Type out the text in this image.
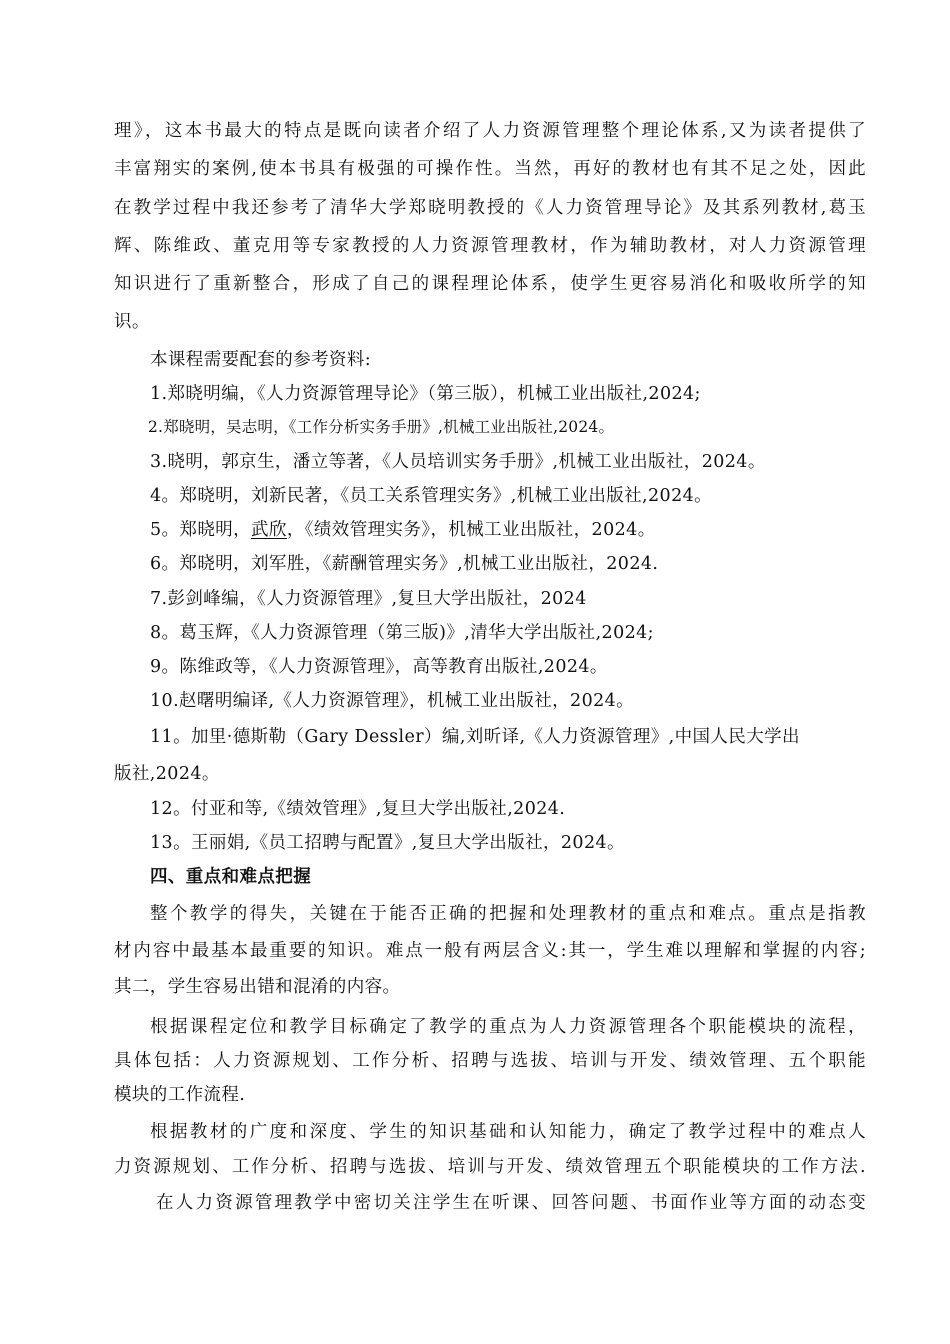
理》，这本书最大的特点是既向读者介绍了人力资源管理整个理论体系,又为读者提供了
丰富翔实的案例,使本书具有极强的可操作性。当然，再好的教材也有其不足之处，因此
在教学过程中我还参考了清华大学郑晓明教授的《人力资管理导论》及其系列教材,葛玉
辉、陈维政、董克用等专家教授的人力资源管理教材，作为辅助教材，对人力资源管理
知识进行了重新整合，形成了自己的课程理论体系，使学生更容易消化和吸收所学的知
识。
本课程需要配套的参考资料:
1.郑晓明编，《人力资源管理导论》（第三版），机械工业出版社,2024;
2.郑晓明，吴志明，《工作分析实务手册》,机械工业出版社,2024。
3.晓明，郭京生，潘立等著，《人员培训实务手册》,机械工业出版社，2024。
4。郑晓明，刘新民著，《员工关系管理实务》,机械工业出版社,2024。
5。郑晓明，武欣，《绩效管理实务》，机械工业出版社，2024。
6。郑晓明，刘军胜，《薪酬管理实务》,机械工业出版社，2024.
7.彭剑峰编，《人力资源管理》,复旦大学出版社，2024
8。葛玉辉，《人力资源管理（第三版)》,清华大学出版社,2024;
9。陈维政等，《人力资源管理》，高等教育出版社,2024。
10.赵曙明编译,《人力资源管理》，机械工业出版社，2024。
11。加里·德斯勒（Gary Dessler）编,刘昕译,《人力资源管理》,中国人民大学出
版社,2024。
12。付亚和等,《绩效管理》,复旦大学出版社,2024.
13。王丽娟,《员工招聘与配置》,复旦大学出版社，2024。
四、重点和难点把握
整个教学的得失，关键在于能否正确的把握和处理教材的重点和难点。重点是指教
材内容中最基本最重要的知识。难点一般有两层含义:其一，学生难以理解和掌握的内容;
其二，学生容易出错和混淆的内容。
根据课程定位和教学目标确定了教学的重点为人力资源管理各个职能模块的流程，
具体包括：人力资源规划、工作分析、招聘与选拔、培训与开发、绩效管理、五个职能
模块的工作流程.
根据教材的广度和深度、学生的知识基础和认知能力，确定了教学过程中的难点人
力资源规划、工作分析、招聘与选拔、培训与开发、绩效管理五个职能模块的工作方法.
在人力资源管理教学中密切关注学生在听课、回答问题、书面作业等方面的动态变
